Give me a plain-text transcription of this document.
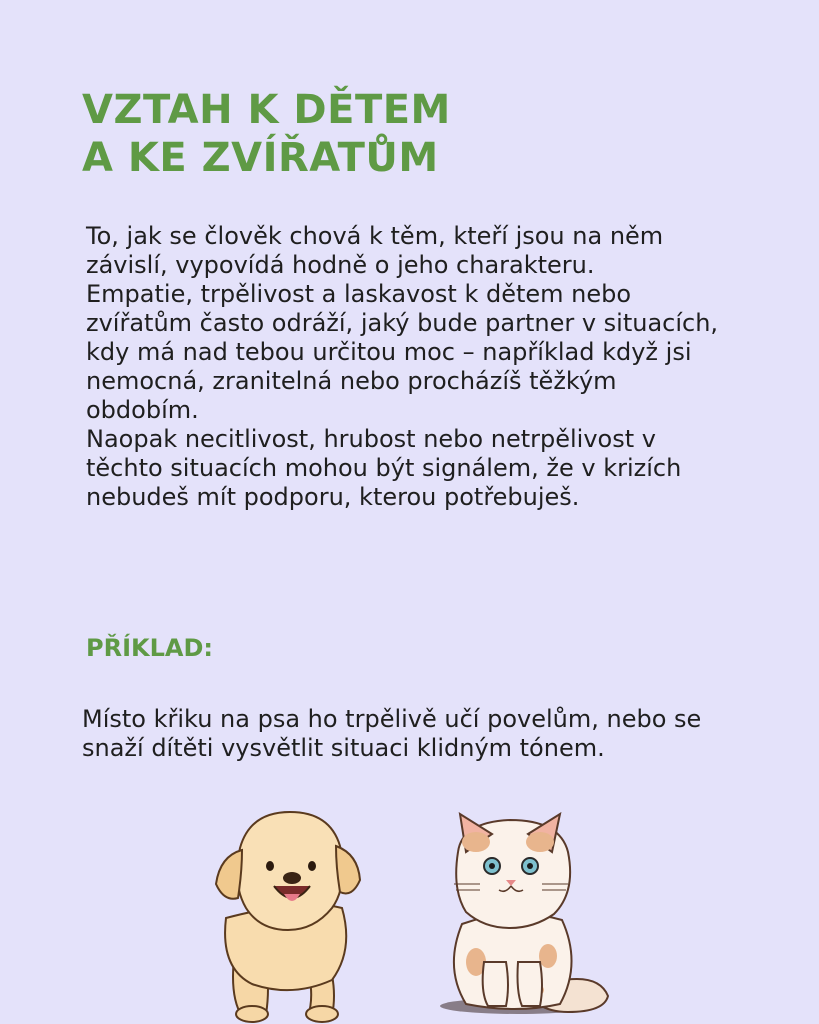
VZTAH K DĚTEM
A KE ZVÍŘATŮM

To, jak se člověk chová k těm, kteří jsou na něm závislí, vypovídá hodně o jeho charakteru.

Empatie, trpělivost a laskavost k dětem nebo zvířatům často odráží, jaký bude partner v situacích, kdy má nad tebou určitou moc – například když jsi nemocná, zranitelná nebo procházíš těžkým obdobím.

Naopak necitlivost, hrubost nebo netrpělivost v těchto situacích mohou být signálem, že v krizích nebudeš mít podporu, kterou potřebuješ.

PŘÍKLAD:
Místo křiku na psa ho trpělivě učí povelům, nebo se snaží dítěti vysvětlit situaci klidným tónem.
